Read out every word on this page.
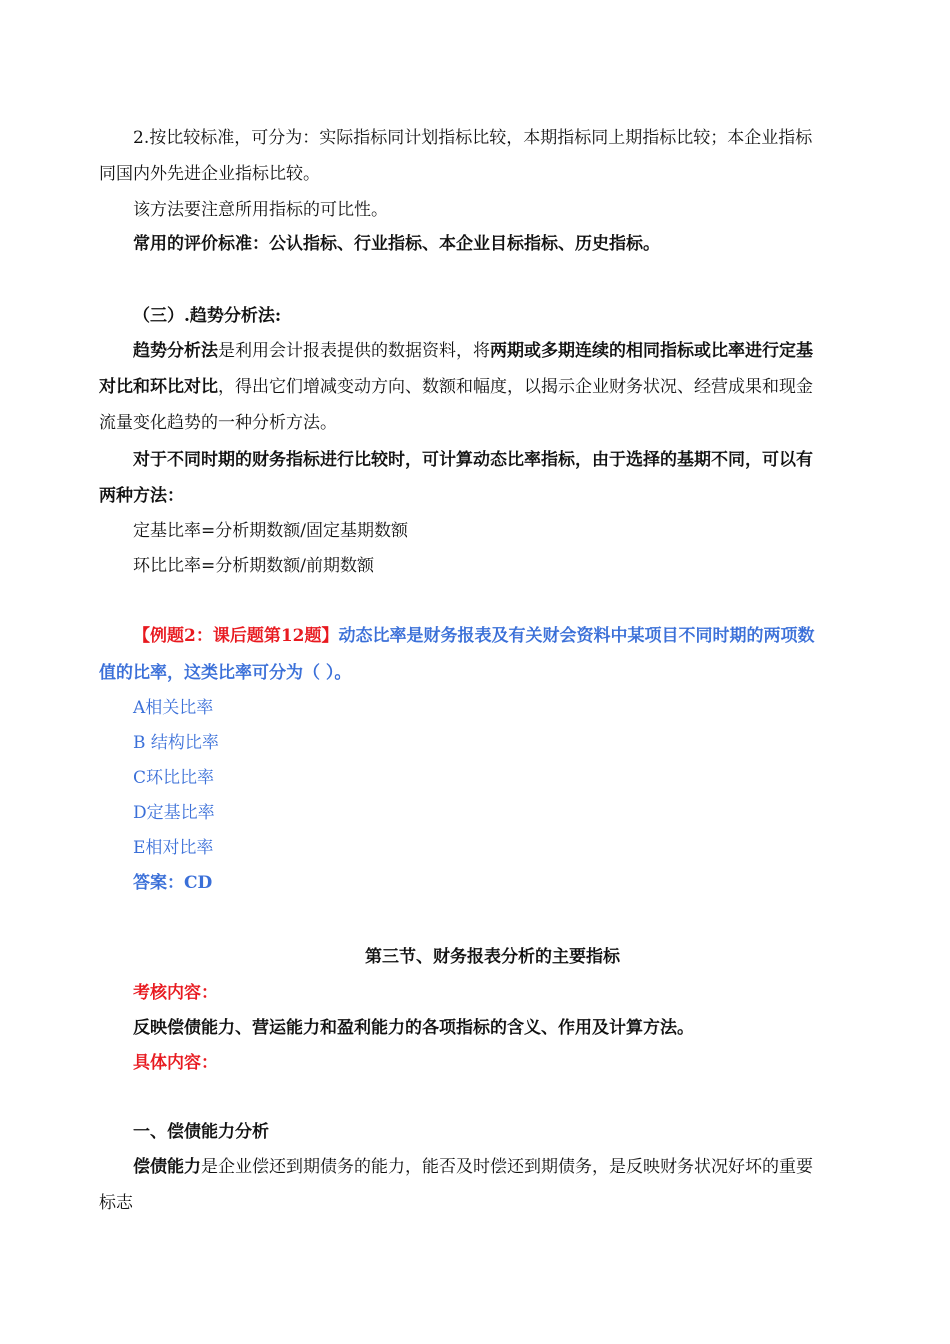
2.按比较标准，可分为：实际指标同计划指标比较，本期指标同上期指标比较；本企业指标
同国内外先进企业指标比较。
该方法要注意所用指标的可比性。
常用的评价标准：公认指标、行业指标、本企业目标指标、历史指标。
（三）.趋势分析法:
趋势分析法是利用会计报表提供的数据资料，将两期或多期连续的相同指标或比率进行定基
对比和环比对比，得出它们增减变动方向、数额和幅度，以揭示企业财务状况、经营成果和现金
流量变化趋势的一种分析方法。
对于不同时期的财务指标进行比较时，可计算动态比率指标，由于选择的基期不同，可以有
两种方法：
定基比率=分析期数额/固定基期数额
环比比率=分析期数额/前期数额
【例题2：课后题第12题】动态比率是财务报表及有关财会资料中某项目不同时期的两项数
值的比率，这类比率可分为（ ）。
A相关比率
B 结构比率
C环比比率
D定基比率
E相对比率
答案：CD
第三节、财务报表分析的主要指标
考核内容：
反映偿债能力、营运能力和盈利能力的各项指标的含义、作用及计算方法。
具体内容：
一、偿债能力分析
偿债能力是企业偿还到期债务的能力，能否及时偿还到期债务，是反映财务状况好坏的重要
标志
